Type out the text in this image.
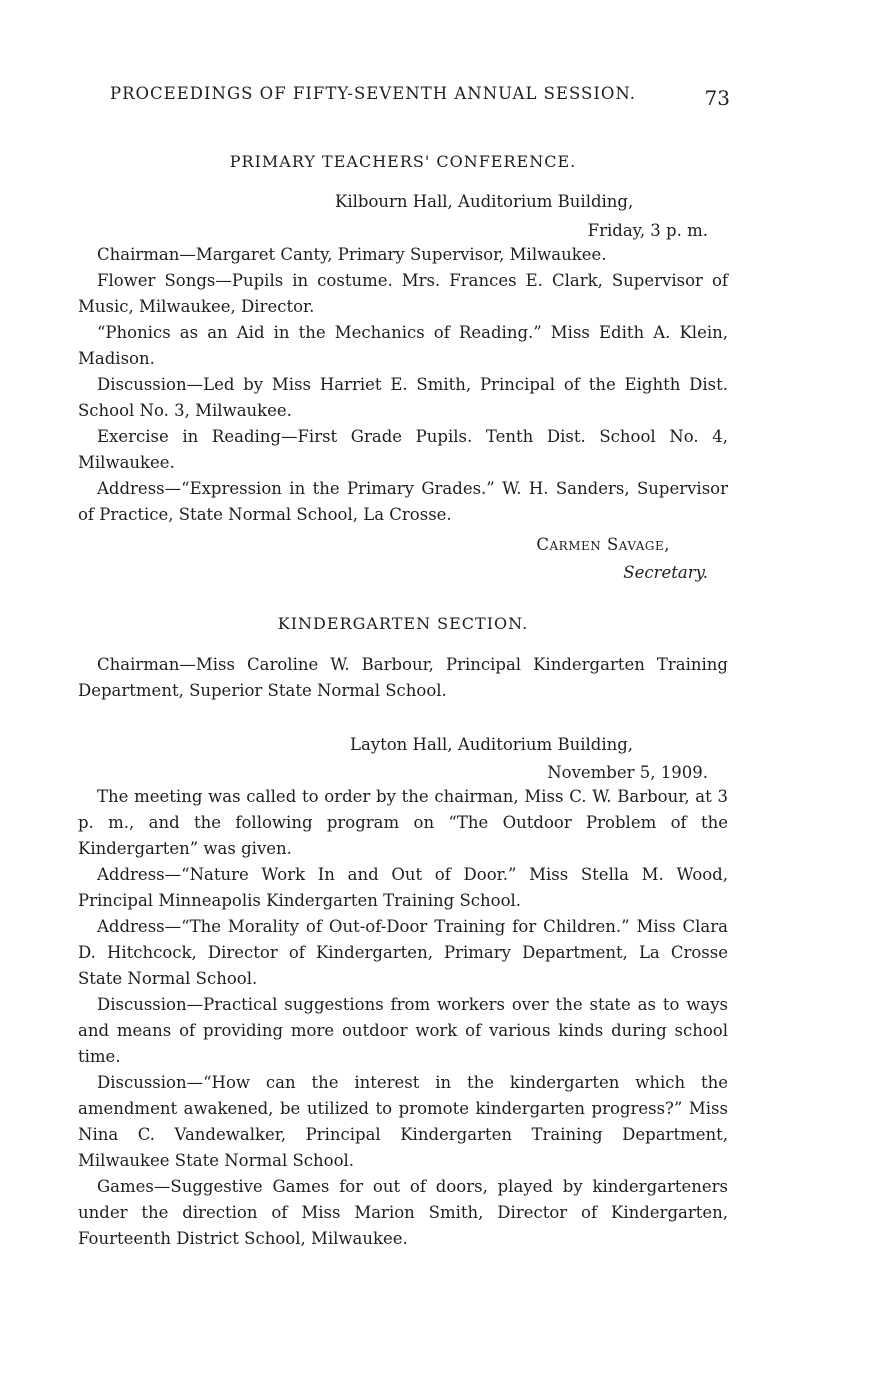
PROCEEDINGS OF FIFTY-SEVENTH ANNUAL SESSION.	73
PRIMARY TEACHERS' CONFERENCE.
Kilbourn Hall, Auditorium Building,
Friday, 3 p. m.

Chairman—Margaret Canty, Primary Supervisor, Milwaukee.

Flower Songs—Pupils in costume. Mrs. Frances E. Clark, Supervisor of Music, Milwaukee, Director.

“Phonics as an Aid in the Mechanics of Reading.” Miss Edith A. Klein, Madison.

Discussion—Led by Miss Harriet E. Smith, Principal of the Eighth Dist. School No. 3, Milwaukee.

Exercise in Reading—First Grade Pupils. Tenth Dist. School No. 4, Milwaukee.

Address—“Expression in the Primary Grades.” W. H. Sanders, Supervisor of Practice, State Normal School, La Crosse.

Carmen Savage,
Secretary.
KINDERGARTEN SECTION.

Chairman—Miss Caroline W. Barbour, Principal Kindergarten Training Department, Superior State Normal School.

Layton Hall, Auditorium Building,
November 5, 1909.

The meeting was called to order by the chairman, Miss C. W. Barbour, at 3 p. m., and the following program on “The Outdoor Problem of the Kindergarten” was given.

Address—“Nature Work In and Out of Door.” Miss Stella M. Wood, Principal Minneapolis Kindergarten Training School.

Address—“The Morality of Out-of-Door Training for Children.” Miss Clara D. Hitchcock, Director of Kindergarten, Primary Department, La Crosse State Normal School.

Discussion—Practical suggestions from workers over the state as to ways and means of providing more outdoor work of various kinds during school time.

Discussion—“How can the interest in the kindergarten which the amendment awakened, be utilized to promote kindergarten progress?” Miss Nina C. Vandewalker, Principal Kindergarten Training Department, Milwaukee State Normal School.

Games—Suggestive Games for out of doors, played by kindergarteners under the direction of Miss Marion Smith, Director of Kindergarten, Fourteenth District School, Milwaukee.
